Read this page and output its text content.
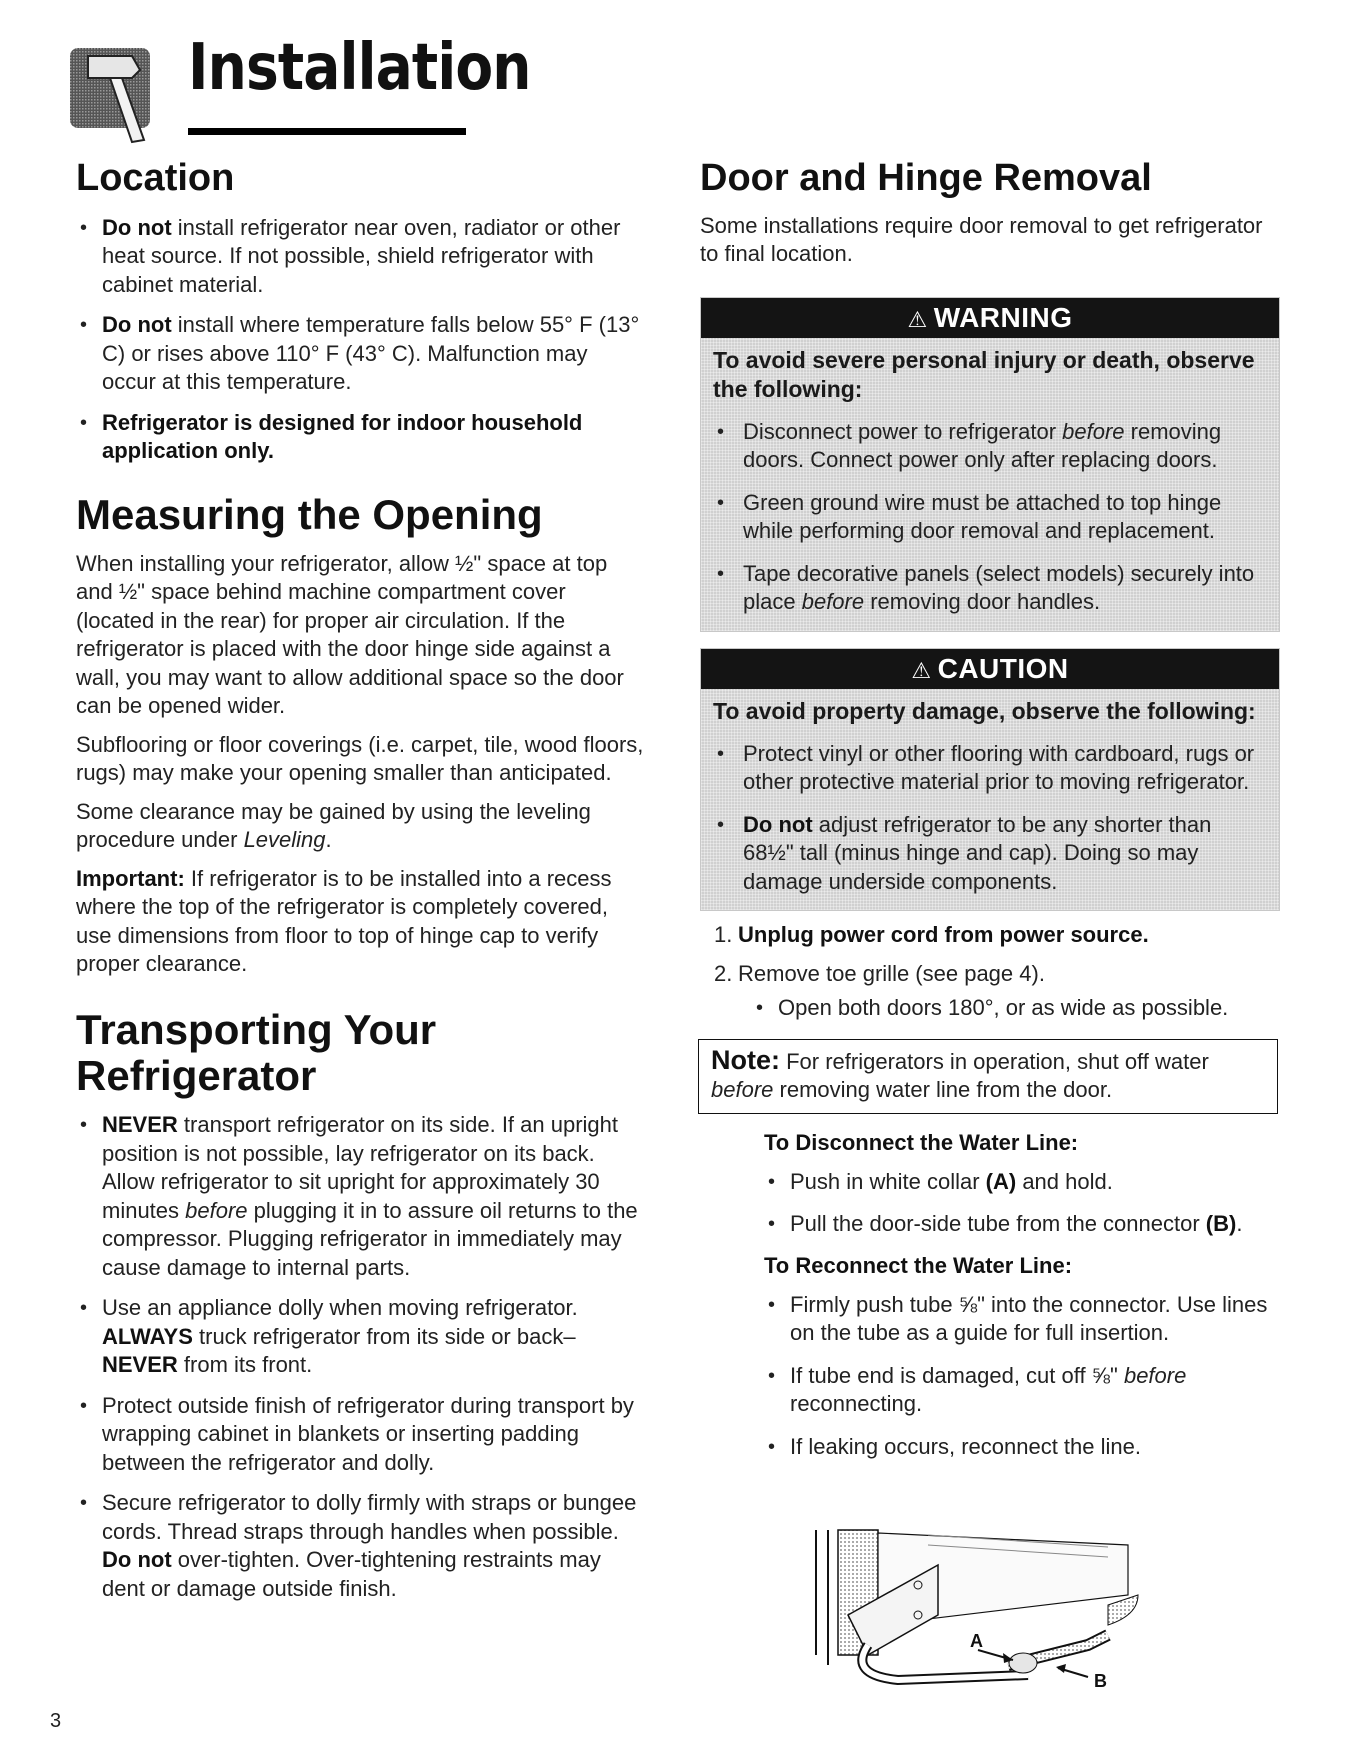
Installation
Location
• Do not install refrigerator near oven, radiator or other heat source. If not possible, shield refrigerator with cabinet material.
• Do not install where temperature falls below 55° F (13° C) or rises above 110° F (43° C). Malfunction may occur at this temperature.
• Refrigerator is designed for indoor household application only.
Measuring the Opening

When installing your refrigerator, allow ½" space at top and ½" space behind machine compartment cover (located in the rear) for proper air circulation. If the refrigerator is placed with the door hinge side against a wall, you may want to allow additional space so the door can be opened wider.

Subflooring or floor coverings (i.e. carpet, tile, wood floors, rugs) may make your opening smaller than anticipated.

Some clearance may be gained by using the leveling procedure under Leveling.

Important: If refrigerator is to be installed into a recess where the top of the refrigerator is completely covered, use dimensions from floor to top of hinge cap to verify proper clearance.

Transporting Your Refrigerator
• NEVER transport refrigerator on its side. If an upright position is not possible, lay refrigerator on its back. Allow refrigerator to sit upright for approximately 30 minutes before plugging it in to assure oil returns to the compressor. Plugging refrigerator in immediately may cause damage to internal parts.
• Use an appliance dolly when moving refrigerator. ALWAYS truck refrigerator from its side or back–NEVER from its front.
• Protect outside finish of refrigerator during transport by wrapping cabinet in blankets or inserting padding between the refrigerator and dolly.
• Secure refrigerator to dolly firmly with straps or bungee cords. Thread straps through handles when possible. Do not over-tighten. Over-tightening restraints may dent or damage outside finish.
Door and Hinge Removal

Some installations require door removal to get refrigerator to final location.

⚠ WARNING
To avoid severe personal injury or death, observe the following:
• Disconnect power to refrigerator before removing doors. Connect power only after replacing doors.
• Green ground wire must be attached to top hinge while performing door removal and replacement.
• Tape decorative panels (select models) securely into place before removing door handles.
⚠ CAUTION
To avoid property damage, observe the following:
• Protect vinyl or other flooring with cardboard, rugs or other protective material prior to moving refrigerator.
• Do not adjust refrigerator to be any shorter than 68½" tall (minus hinge and cap). Doing so may damage underside components.
1. Unplug power cord from power source.
2. Remove toe grille (see page 4).
• Open both doors 180°, or as wide as possible.

Note: For refrigerators in operation, shut off water before removing water line from the door.

To Disconnect the Water Line:
• Push in white collar (A) and hold.
• Pull the door-side tube from the connector (B).
To Reconnect the Water Line:
• Firmly push tube ⅝" into the connector. Use lines on the tube as a guide for full insertion.
• If tube end is damaged, cut off ⅝" before reconnecting.
• If leaking occurs, reconnect the line.
A
B
3
